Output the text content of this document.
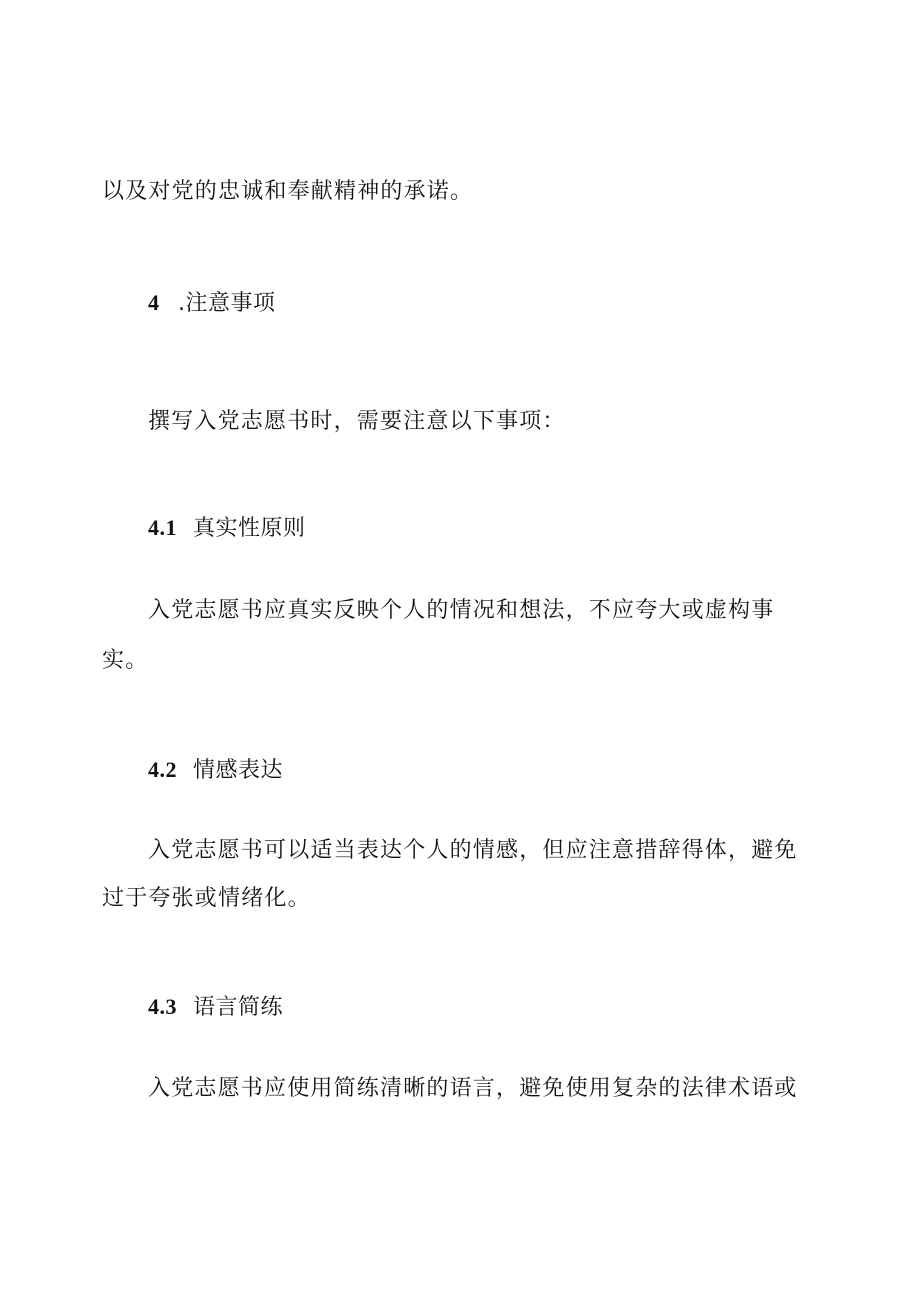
以及对党的忠诚和奉献精神的承诺。

4 .注意事项

撰写入党志愿书时，需要注意以下事项：

4.1 真实性原则

入党志愿书应真实反映个人的情况和想法，不应夸大或虚构事

实。

4.2 情感表达

入党志愿书可以适当表达个人的情感，但应注意措辞得体，避免

过于夸张或情绪化。

4.3 语言简练

入党志愿书应使用简练清晰的语言，避免使用复杂的法律术语或
